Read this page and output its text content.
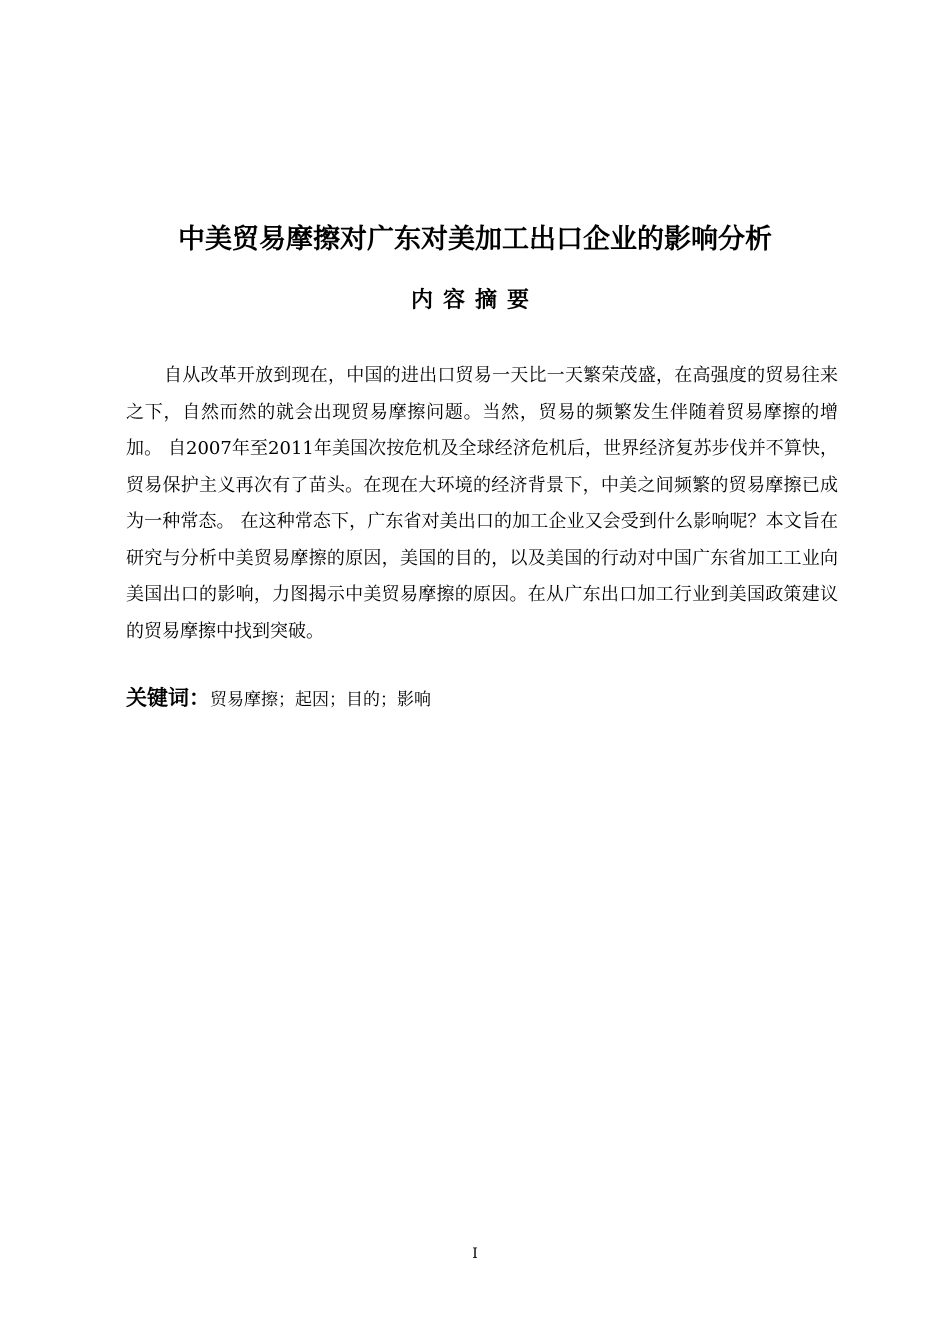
中美贸易摩擦对广东对美加工出口企业的影响分析
内容摘要

自从改革开放到现在，中国的进出口贸易一天比一天繁荣茂盛，在高强度的贸易往来之下，自然而然的就会出现贸易摩擦问题。当然，贸易的频繁发生伴随着贸易摩擦的增加。 自2007年至2011年美国次按危机及全球经济危机后，世界经济复苏步伐并不算快，贸易保护主义再次有了苗头。在现在大环境的经济背景下，中美之间频繁的贸易摩擦已成为一种常态。 在这种常态下，广东省对美出口的加工企业又会受到什么影响呢？本文旨在研究与分析中美贸易摩擦的原因，美国的目的，以及美国的行动对中国广东省加工工业向美国出口的影响，力图揭示中美贸易摩擦的原因。在从广东出口加工行业到美国政策建议的贸易摩擦中找到突破。

关键词：贸易摩擦；起因；目的；影响

I
